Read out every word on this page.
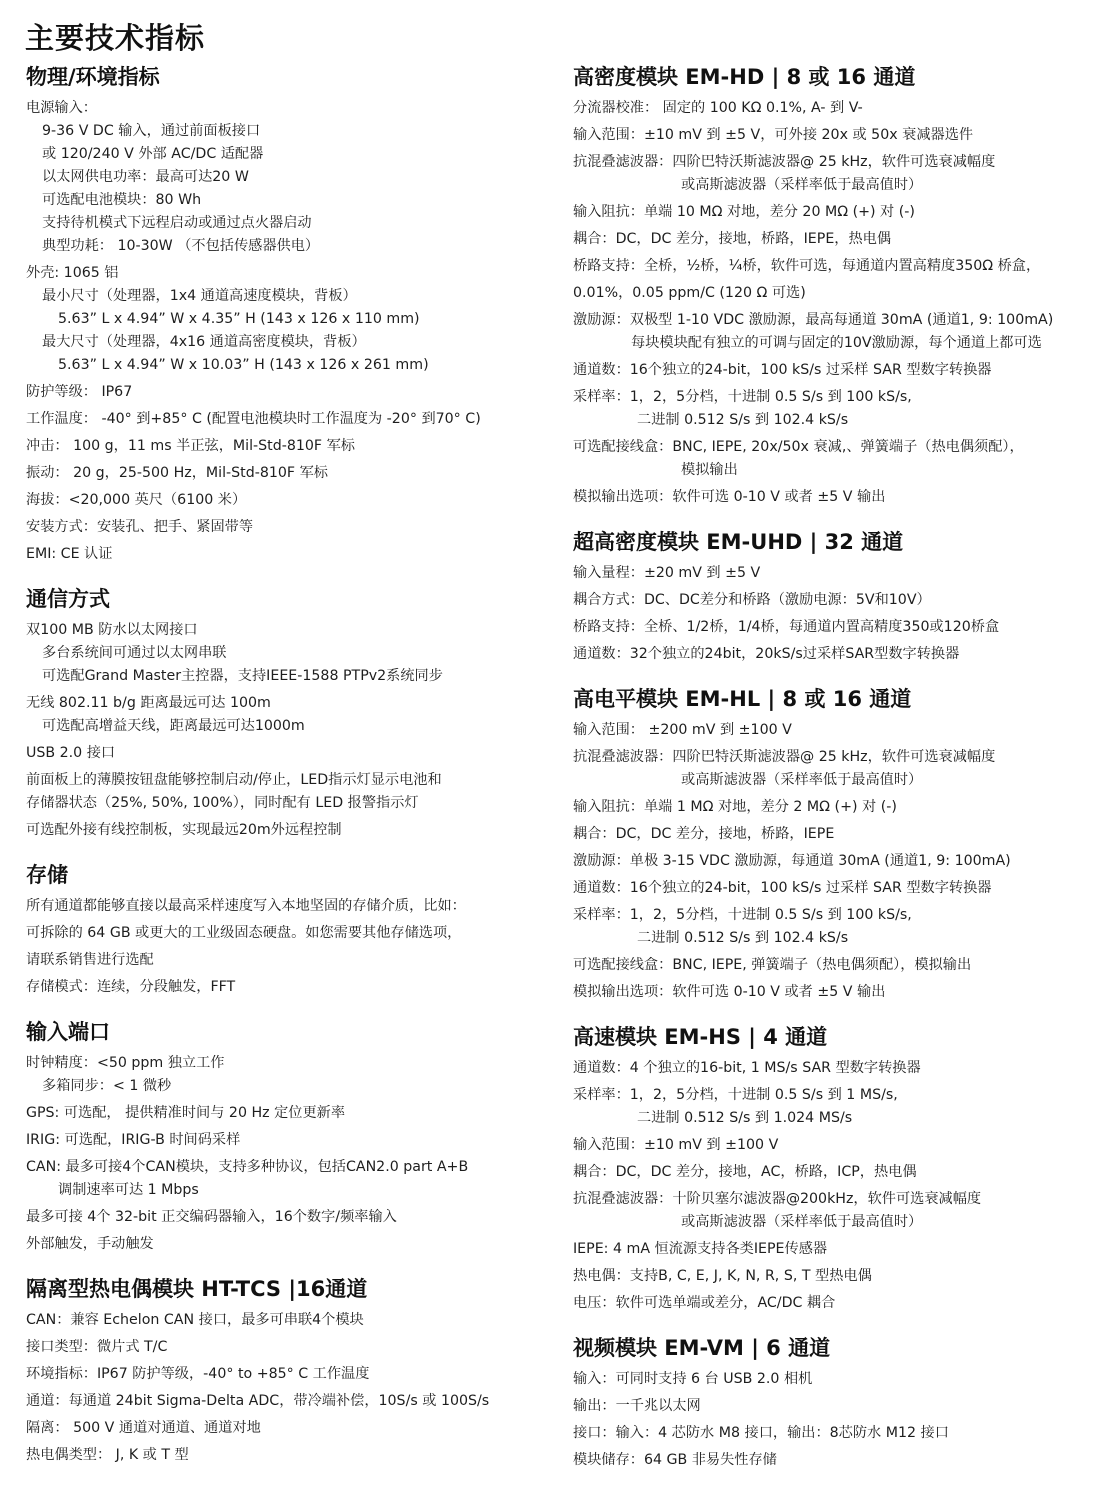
主要技术指标
物理/环境指标
电源输入：
9-36 V DC 输入，通过前面板接口
或 120/240 V 外部 AC/DC 适配器
以太网供电功率：最高可达20 W
可选配电池模块：80 Wh
支持待机模式下远程启动或通过点火器启动
典型功耗： 10-30W （不包括传感器供电）
外壳: 1065 铝
最小尺寸（处理器，1x4 通道高速度模块，背板）
5.63” L x 4.94” W x 4.35” H (143 x 126 x 110 mm)
最大尺寸（处理器，4x16 通道高密度模块，背板）
5.63” L x 4.94” W x 10.03” H (143 x 126 x 261 mm)
防护等级： IP67
工作温度： -40° 到+85° C (配置电池模块时工作温度为 -20° 到70° C)
冲击： 100 g，11 ms 半正弦，Mil-Std-810F 军标
振动： 20 g，25-500 Hz，Mil-Std-810F 军标
海拔：<20,000 英尺（6100 米）
安装方式：安装孔、把手、紧固带等
EMI: CE 认证
通信方式
双100 MB 防水以太网接口
多台系统间可通过以太网串联
可选配Grand Master主控器，支持IEEE-1588 PTPv2系统同步
无线 802.11 b/g 距离最远可达 100m
可选配高增益天线，距离最远可达1000m
USB 2.0 接口
前面板上的薄膜按钮盘能够控制启动/停止，LED指示灯显示电池和
存储器状态（25%, 50%, 100%），同时配有 LED 报警指示灯
可选配外接有线控制板，实现最远20m外远程控制
存储
所有通道都能够直接以最高采样速度写入本地坚固的存储介质，比如：
可拆除的 64 GB 或更大的工业级固态硬盘。如您需要其他存储选项，
请联系销售进行选配
存储模式：连续，分段触发，FFT
输入端口
时钟精度：<50 ppm 独立工作
多箱同步：< 1 微秒
GPS: 可选配， 提供精准时间与 20 Hz 定位更新率
IRIG: 可选配，IRIG-B 时间码采样
CAN: 最多可接4个CAN模块，支持多种协议，包括CAN2.0 part A+B
调制速率可达 1 Mbps
最多可接 4个 32-bit 正交编码器输入，16个数字/频率输入
外部触发，手动触发
隔离型热电偶模块 HT-TCS |16通道
CAN：兼容 Echelon CAN 接口，最多可串联4个模块
接口类型：微片式 T/C
环境指标：IP67 防护等级，-40° to +85° C 工作温度
通道：每通道 24bit Sigma-Delta ADC，带冷端补偿，10S/s 或 100S/s
隔离： 500 V 通道对通道、通道对地
热电偶类型： J, K 或 T 型
高密度模块 EM-HD | 8 或 16 通道
分流器校准： 固定的 100 KΩ 0.1%, A- 到 V-
输入范围：±10 mV 到 ±5 V，可外接 20x 或 50x 衰减器选件
抗混叠滤波器：四阶巴特沃斯滤波器@ 25 kHz，软件可选衰减幅度
或高斯滤波器（采样率低于最高值时）
输入阻抗：单端 10 MΩ 对地，差分 20 MΩ (+) 对 (-)
耦合：DC，DC 差分，接地，桥路，IEPE，热电偶
桥路支持：全桥，½桥，¼桥，软件可选，每通道内置高精度350Ω 桥盒，
0.01%，0.05 ppm/C (120 Ω 可选)
激励源：双极型 1-10 VDC 激励源，最高每通道 30mA (通道1, 9: 100mA)
每块模块配有独立的可调与固定的10V激励源，每个通道上都可选
通道数：16个独立的24-bit，100 kS/s 过采样 SAR 型数字转换器
采样率：1，2，5分档，十进制 0.5 S/s 到 100 kS/s,
二进制 0.512 S/s 到 102.4 kS/s
可选配接线盒：BNC, IEPE, 20x/50x 衰减,、弹簧端子（热电偶须配），
模拟输出
模拟输出选项：软件可选 0-10 V 或者 ±5 V 输出
超高密度模块 EM-UHD | 32 通道
输入量程：±20 mV 到 ±5 V
耦合方式：DC、DC差分和桥路（激励电源：5V和10V）
桥路支持：全桥、1/2桥，1/4桥，每通道内置高精度350或120桥盒
通道数：32个独立的24bit，20kS/s过采样SAR型数字转换器
高电平模块 EM-HL | 8 或 16 通道
输入范围： ±200 mV 到 ±100 V
抗混叠滤波器：四阶巴特沃斯滤波器@ 25 kHz，软件可选衰减幅度
或高斯滤波器（采样率低于最高值时）
输入阻抗：单端 1 MΩ 对地，差分 2 MΩ (+) 对 (-)
耦合：DC，DC 差分，接地，桥路，IEPE
激励源：单极 3-15 VDC 激励源，每通道 30mA (通道1, 9: 100mA)
通道数：16个独立的24-bit，100 kS/s 过采样 SAR 型数字转换器
采样率：1，2，5分档，十进制 0.5 S/s 到 100 kS/s,
二进制 0.512 S/s 到 102.4 kS/s
可选配接线盒：BNC, IEPE, 弹簧端子（热电偶须配），模拟输出
模拟输出选项：软件可选 0-10 V 或者 ±5 V 输出
高速模块 EM-HS | 4 通道
通道数：4 个独立的16-bit, 1 MS/s SAR 型数字转换器
采样率：1，2，5分档，十进制 0.5 S/s 到 1 MS/s,
二进制 0.512 S/s 到 1.024 MS/s
输入范围：±10 mV 到 ±100 V
耦合：DC，DC 差分，接地，AC，桥路，ICP，热电偶
抗混叠滤波器：十阶贝塞尔滤波器@200kHz，软件可选衰减幅度
或高斯滤波器（采样率低于最高值时）
IEPE: 4 mA 恒流源支持各类IEPE传感器
热电偶：支持B, C, E, J, K, N, R, S, T 型热电偶
电压：软件可选单端或差分，AC/DC 耦合
视频模块 EM-VM | 6 通道
输入：可同时支持 6 台 USB 2.0 相机
输出：一千兆以太网
接口：输入：4 芯防水 M8 接口，输出：8芯防水 M12 接口
模块储存：64 GB 非易失性存储
